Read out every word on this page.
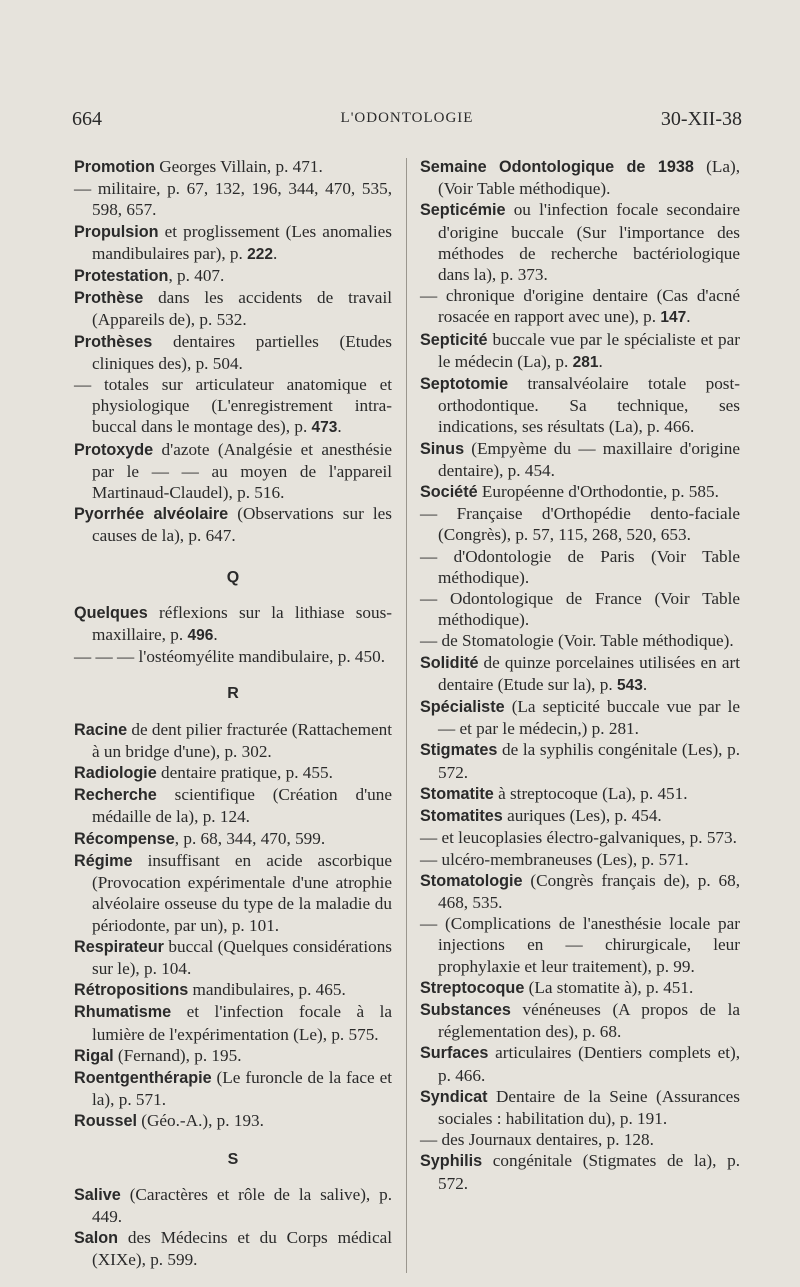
664	L'ODONTOLOGIE	30-XII-38

Promotion Georges Villain, p. 471.

— militaire, p. 67, 132, 196, 344, 470, 535, 598, 657.

Propulsion et proglissement (Les anomalies mandibulaires par), p. 222.

Protestation, p. 407.

Prothèse dans les accidents de travail (Appareils de), p. 532.

Prothèses dentaires partielles (Etudes cliniques des), p. 504.

— totales sur articulateur anatomique et physiologique (L'enregistrement intra-buccal dans le montage des), p. 473.

Protoxyde d'azote (Analgésie et anesthésie par le — — au moyen de l'appareil Martinaud-Claudel), p. 516.

Pyorrhée alvéolaire (Observations sur les causes de la), p. 647.

Q

Quelques réflexions sur la lithiase sous-maxillaire, p. 496.

— — — l'ostéomyélite mandibulaire, p. 450.

R

Racine de dent pilier fracturée (Rattachement à un bridge d'une), p. 302.

Radiologie dentaire pratique, p. 455.

Recherche scientifique (Création d'une médaille de la), p. 124.

Récompense, p. 68, 344, 470, 599.

Régime insuffisant en acide ascorbique (Provocation expérimentale d'une atrophie alvéolaire osseuse du type de la maladie du périodonte, par un), p. 101.

Respirateur buccal (Quelques considérations sur le), p. 104.

Rétropositions mandibulaires, p. 465.

Rhumatisme et l'infection focale à la lumière de l'expérimentation (Le), p. 575.

Rigal (Fernand), p. 195.

Roentgenthérapie (Le furoncle de la face et la), p. 571.

Roussel (Géo.-A.), p. 193.

S

Salive (Caractères et rôle de la salive), p. 449.

Salon des Médecins et du Corps médical (XIXe), p. 599.

Semaine Odontologique de 1938 (La), (Voir Table méthodique).

Septicémie ou l'infection focale secondaire d'origine buccale (Sur l'importance des méthodes de recherche bactériologique dans la), p. 373.

— chronique d'origine dentaire (Cas d'acné rosacée en rapport avec une), p. 147.

Septicité buccale vue par le spécialiste et par le médecin (La), p. 281.

Septotomie transalvéolaire totale post-orthodontique. Sa technique, ses indications, ses résultats (La), p. 466.

Sinus (Empyème du — maxillaire d'origine dentaire), p. 454.

Société Européenne d'Orthodontie, p. 585.

— Française d'Orthopédie dento-faciale (Congrès), p. 57, 115, 268, 520, 653.

— d'Odontologie de Paris (Voir Table méthodique).

— Odontologique de France (Voir Table méthodique).

— de Stomatologie (Voir. Table méthodique).

Solidité de quinze porcelaines utilisées en art dentaire (Etude sur la), p. 543.

Spécialiste (La septicité buccale vue par le — et par le médecin,) p. 281.

Stigmates de la syphilis congénitale (Les), p. 572.

Stomatite à streptocoque (La), p. 451.

Stomatites auriques (Les), p. 454.

— et leucoplasies électro-galvaniques, p. 573.

— ulcéro-membraneuses (Les), p. 571.

Stomatologie (Congrès français de), p. 68, 468, 535.

— (Complications de l'anesthésie locale par injections en — chirurgicale, leur prophylaxie et leur traitement), p. 99.

Streptocoque (La stomatite à), p. 451.

Substances vénéneuses (A propos de la réglementation des), p. 68.

Surfaces articulaires (Dentiers complets et), p. 466.

Syndicat Dentaire de la Seine (Assurances sociales : habilitation du), p. 191.

— des Journaux dentaires, p. 128.

Syphilis congénitale (Stigmates de la), p. 572.
